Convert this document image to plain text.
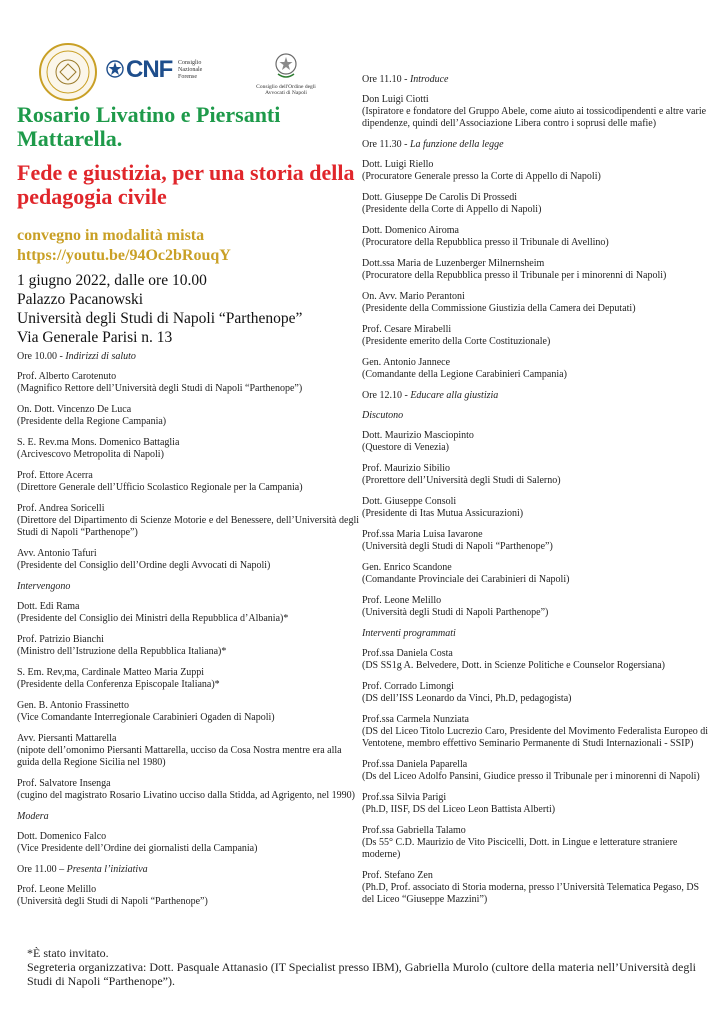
CNF Consiglio
Nazionale
Forense
Consiglio dell'Ordine degli Avvocati di Napoli
Rosario Livatino e Piersanti Mattarella.
Fede e giustizia, per una storia della pedagogia civile
convegno in modalità mista
https://youtu.be/94Oc2bRouqY
1 giugno 2022, dalle ore 10.00
Palazzo Pacanowski
Università degli Studi di Napoli “Parthenope”
Via Generale Parisi n. 13
Ore 10.00 - Indirizzi di saluto
Prof. Alberto Carotenuto
(Magnifico Rettore dell’Università degli Studi di Napoli “Parthenope”)
On. Dott. Vincenzo De Luca
(Presidente della Regione Campania)
S. E. Rev.ma Mons. Domenico Battaglia
(Arcivescovo Metropolita di Napoli)
Prof. Ettore Acerra
(Direttore Generale dell’Ufficio Scolastico Regionale per la Campania)
Prof. Andrea Soricelli
(Direttore del Dipartimento di Scienze Motorie e del Benessere, dell’Università degli Studi di Napoli “Parthenope”)
Avv. Antonio Tafuri
(Presidente del Consiglio dell’Ordine degli Avvocati di Napoli)
Intervengono
Dott. Edi Rama
(Presidente del Consiglio dei Ministri della Repubblica d’Albania)*
Prof. Patrizio Bianchi
(Ministro dell’Istruzione della Repubblica Italiana)*
S. Em. Rev,ma, Cardinale Matteo Maria Zuppi
(Presidente della Conferenza Episcopale Italiana)*
Gen. B. Antonio Frassinetto
(Vice Comandante Interregionale Carabinieri Ogaden di Napoli)
Avv. Piersanti Mattarella
(nipote dell’omonimo Piersanti Mattarella, ucciso da Cosa Nostra mentre era alla guida della Regione Sicilia nel 1980)
Prof. Salvatore Insenga
(cugino del magistrato Rosario Livatino ucciso dalla Stidda, ad Agrigento, nel 1990)
Modera
Dott. Domenico Falco
(Vice Presidente dell’Ordine dei giornalisti della Campania)
Ore 11.00 – Presenta l’iniziativa
Prof. Leone Melillo
(Università degli Studi di Napoli “Parthenope”)
Ore 11.10 - Introduce
Don Luigi Ciotti
(Ispiratore e fondatore del Gruppo Abele, come aiuto ai tossicodipendenti e altre varie dipendenze, quindi dell’Associazione Libera contro i soprusi delle mafie)
Ore 11.30 - La funzione della legge
Dott. Luigi Riello
(Procuratore Generale presso la Corte di Appello di Napoli)
Dott. Giuseppe De Carolis Di Prossedi
(Presidente della Corte di Appello di Napoli)
Dott. Domenico Airoma
(Procuratore della Repubblica presso il Tribunale di Avellino)
Dott.ssa Maria de Luzenberger Milnernsheim
(Procuratore della Repubblica presso il Tribunale per i minorenni di Napoli)
On. Avv. Mario Perantoni
(Presidente della Commissione Giustizia della Camera dei Deputati)
Prof. Cesare Mirabelli
(Presidente emerito della Corte Costituzionale)
Gen. Antonio Jannece
(Comandante della Legione Carabinieri Campania)
Ore 12.10 - Educare alla giustizia
Discutono
Dott. Maurizio Masciopinto
(Questore di Venezia)
Prof. Maurizio Sibilio
(Prorettore dell’Università degli Studi di Salerno)
Dott. Giuseppe Consoli
(Presidente di Itas Mutua Assicurazioni)
Prof.ssa Maria Luisa Iavarone
(Università degli Studi di Napoli “Parthenope”)
Gen. Enrico Scandone
(Comandante Provinciale dei Carabinieri di Napoli)
Prof. Leone Melillo
(Università degli Studi di Napoli Parthenope”)
Interventi programmati
Prof.ssa Daniela Costa
(DS SS1g A. Belvedere, Dott. in Scienze Politiche e Counselor Rogersiana)
Prof. Corrado Limongi
(DS dell’ISS Leonardo da Vinci, Ph.D, pedagogista)
Prof.ssa Carmela Nunziata
(DS del Liceo Titolo Lucrezio Caro, Presidente del Movimento Federalista Europeo di Ventotene, membro effettivo Seminario Permanente di Studi Internazionali - SSIP)
Prof.ssa Daniela Paparella
(Ds del Liceo Adolfo Pansini, Giudice presso il Tribunale per i minorenni di Napoli)
Prof.ssa Silvia Parigi
(Ph.D, IISF, DS del Liceo Leon Battista Alberti)
Prof.ssa Gabriella Talamo
(Ds 55° C.D. Maurizio de Vito Piscicelli, Dott. in Lingue e letterature straniere moderne)
Prof. Stefano Zen
(Ph.D, Prof. associato di Storia moderna, presso l’Università Telematica Pegaso, DS del Liceo “Giuseppe Mazzini”)
*È stato invitato.
Segreteria organizzativa: Dott. Pasquale Attanasio (IT Specialist presso IBM), Gabriella Murolo (cultore della materia nell’Università degli Studi di Napoli “Parthenope”).
